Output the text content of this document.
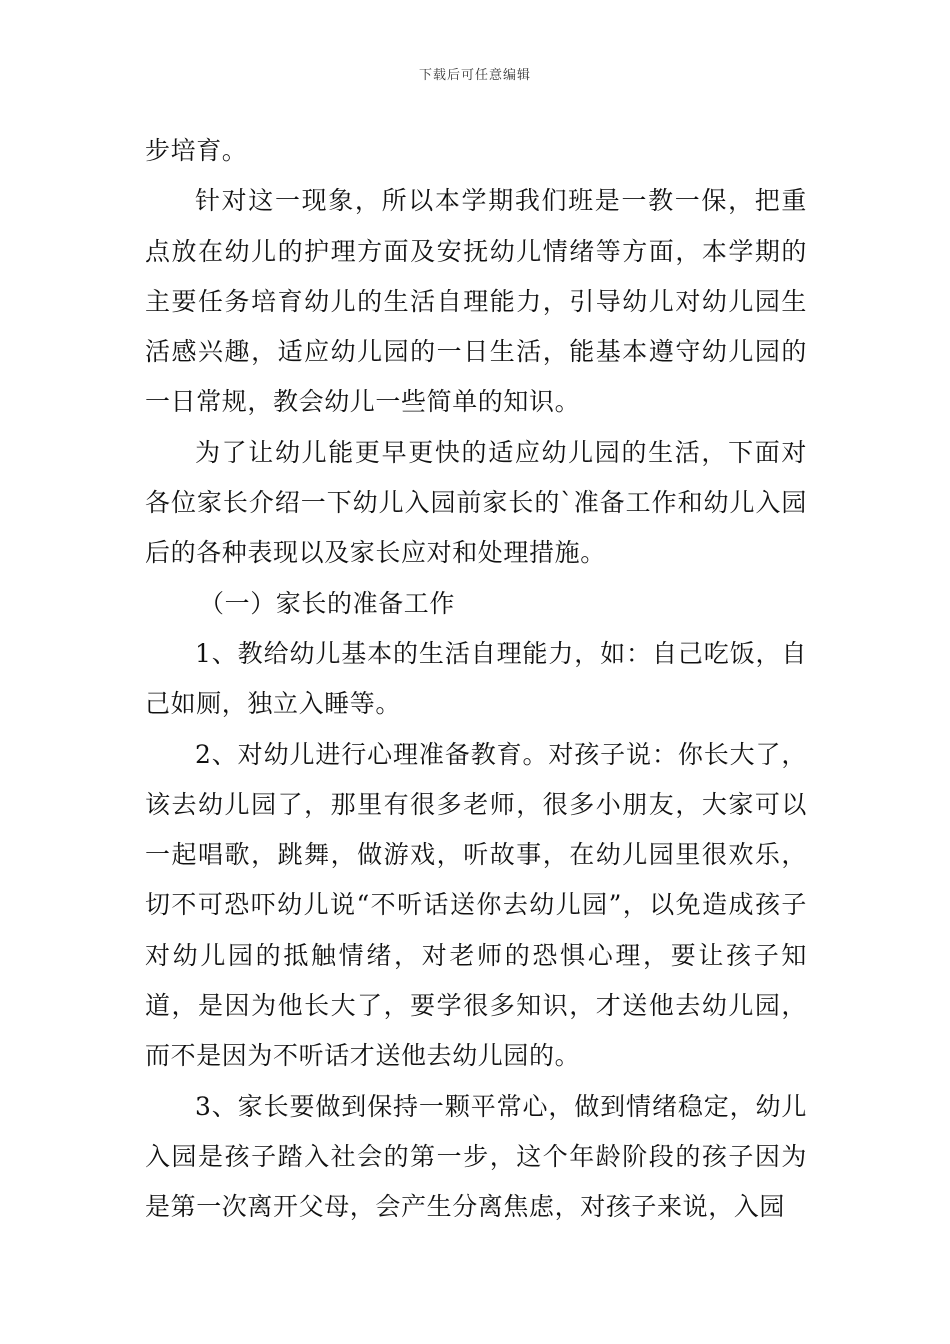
下载后可任意编辑

步培育。

针对这一现象，所以本学期我们班是一教一保，把重点放在幼儿的护理方面及安抚幼儿情绪等方面，本学期的主要任务培育幼儿的生活自理能力，引导幼儿对幼儿园生活感兴趣，适应幼儿园的一日生活，能基本遵守幼儿园的一日常规，教会幼儿一些简单的知识。

为了让幼儿能更早更快的适应幼儿园的生活，下面对各位家长介绍一下幼儿入园前家长的`准备工作和幼儿入园后的各种表现以及家长应对和处理措施。

（一）家长的准备工作

1、教给幼儿基本的生活自理能力，如：自己吃饭，自己如厕，独立入睡等。

2、对幼儿进行心理准备教育。对孩子说：你长大了，该去幼儿园了，那里有很多老师，很多小朋友，大家可以一起唱歌，跳舞，做游戏，听故事，在幼儿园里很欢乐，切不可恐吓幼儿说“不听话送你去幼儿园”，以免造成孩子对幼儿园的抵触情绪，对老师的恐惧心理，要让孩子知道，是因为他长大了，要学很多知识，才送他去幼儿园，而不是因为不听话才送他去幼儿园的。

3、家长要做到保持一颗平常心，做到情绪稳定，幼儿入园是孩子踏入社会的第一步，这个年龄阶段的孩子因为是第一次离开父母，会产生分离焦虑，对孩子来说，入园
